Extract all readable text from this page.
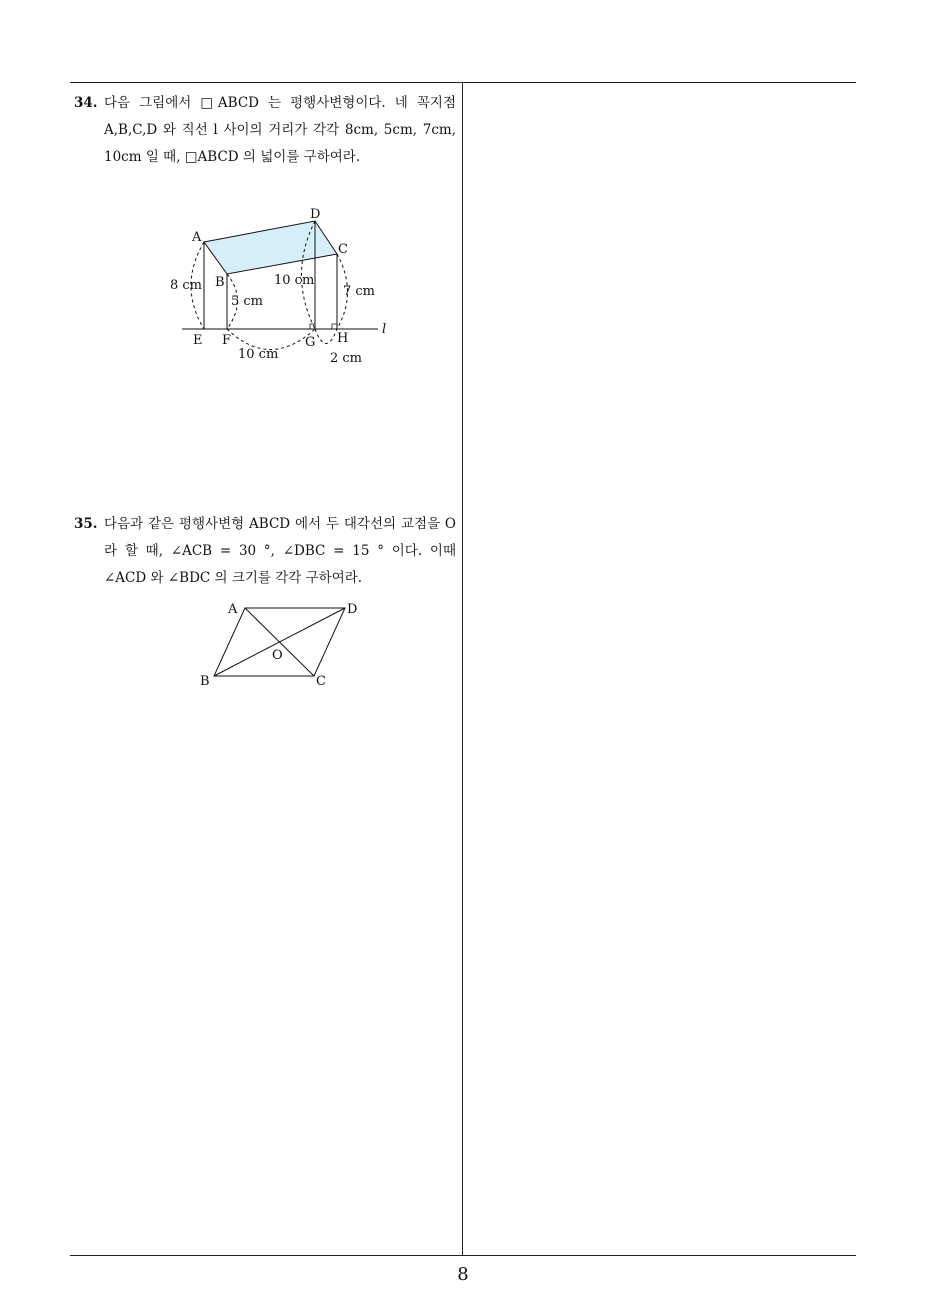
34. 다음 그림에서 □ABCD 는 평행사변형이다. 네 꼭지점 A,B,C,D 와 직선 l 사이의 거리가 각각 8cm, 5cm, 7cm, 10cm 일 때, □ABCD 의 넓이를 구하여라.
A
B
C
D
E F	G H
l
8 cm
5 cm
10 cm
7 cm
10 cm	2 cm
35. 다음과 같은 평행사변형 ABCD 에서 두 대각선의 교점을 O 라 할 때, ∠ACB = 30 °, ∠DBC = 15 ° 이다. 이때 ∠ACD 와 ∠BDC 의 크기를 각각 구하여라.
A
B	C
D
O
8
